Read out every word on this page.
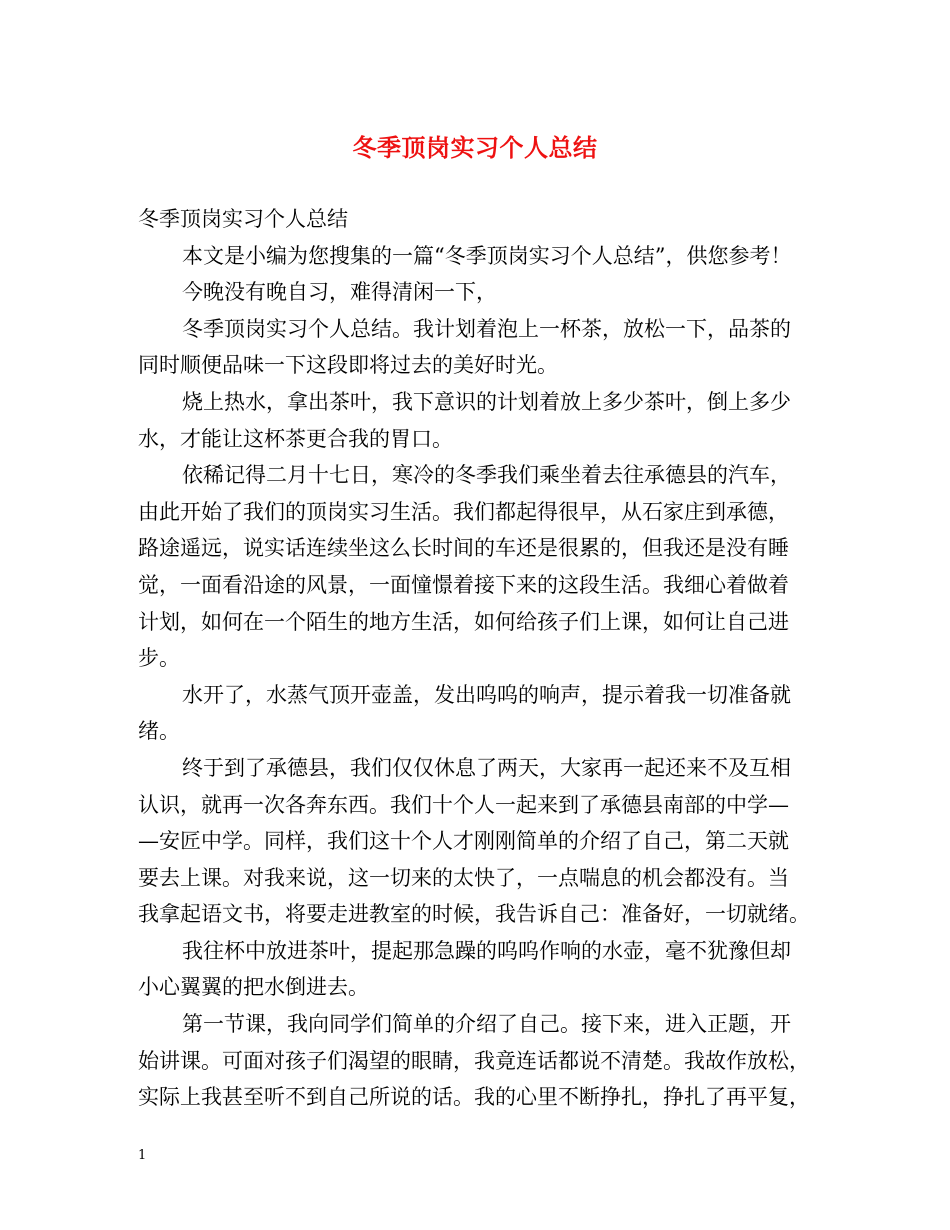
冬季顶岗实习个人总结

冬季顶岗实习个人总结

本文是小编为您搜集的一篇“冬季顶岗实习个人总结”，供您参考！

今晚没有晚自习，难得清闲一下，

冬季顶岗实习个人总结。我计划着泡上一杯茶，放松一下，品茶的
同时顺便品味一下这段即将过去的美好时光。

烧上热水，拿出茶叶，我下意识的计划着放上多少茶叶，倒上多少
水，才能让这杯茶更合我的胃口。

依稀记得二月十七日，寒冷的冬季我们乘坐着去往承德县的汽车，
由此开始了我们的顶岗实习生活。我们都起得很早，从石家庄到承德，
路途遥远，说实话连续坐这么长时间的车还是很累的，但我还是没有睡
觉，一面看沿途的风景，一面憧憬着接下来的这段生活。我细心着做着
计划，如何在一个陌生的地方生活，如何给孩子们上课，如何让自己进
步。

水开了，水蒸气顶开壶盖，发出呜呜的响声，提示着我一切准备就
绪。

终于到了承德县，我们仅仅休息了两天，大家再一起还来不及互相
认识，就再一次各奔东西。我们十个人一起来到了承德县南部的中学—
—安匠中学。同样，我们这十个人才刚刚简单的介绍了自己，第二天就
要去上课。对我来说，这一切来的太快了，一点喘息的机会都没有。当
我拿起语文书，将要走进教室的时候，我告诉自己：准备好，一切就绪。

我往杯中放进茶叶，提起那急躁的呜呜作响的水壶，毫不犹豫但却
小心翼翼的把水倒进去。

第一节课，我向同学们简单的介绍了自己。接下来，进入正题，开
始讲课。可面对孩子们渴望的眼睛，我竟连话都说不清楚。我故作放松，
实际上我甚至听不到自己所说的话。我的心里不断挣扎，挣扎了再平复，

1
